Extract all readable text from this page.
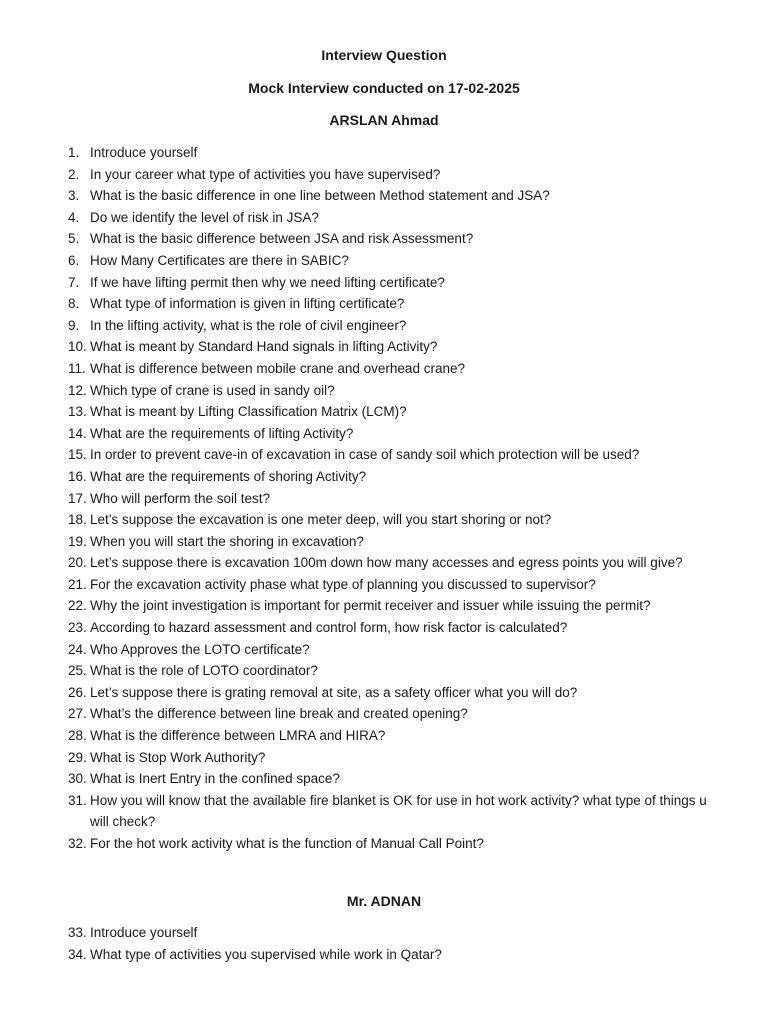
Interview Question
Mock Interview conducted on 17-02-2025
ARSLAN Ahmad
1. Introduce yourself
2. In your career what type of activities you have supervised?
3. What is the basic difference in one line between Method statement and JSA?
4. Do we identify the level of risk in JSA?
5. What is the basic difference between JSA and risk Assessment?
6. How Many Certificates are there in SABIC?
7. If we have lifting permit then why we need lifting certificate?
8. What type of information is given in lifting certificate?
9. In the lifting activity, what is the role of civil engineer?
10. What is meant by Standard Hand signals in lifting Activity?
11. What is difference between mobile crane and overhead crane?
12. Which type of crane is used in sandy oil?
13. What is meant by Lifting Classification Matrix (LCM)?
14. What are the requirements of lifting Activity?
15. In order to prevent cave-in of excavation in case of sandy soil which protection will be used?
16. What are the requirements of shoring Activity?
17. Who will perform the soil test?
18. Let’s suppose the excavation is one meter deep, will you start shoring or not?
19. When you will start the shoring in excavation?
20. Let’s suppose there is excavation 100m down how many accesses and egress points you will give?
21. For the excavation activity phase what type of planning you discussed to supervisor?
22. Why the joint investigation is important for permit receiver and issuer while issuing the permit?
23. According to hazard assessment and control form, how risk factor is calculated?
24. Who Approves the LOTO certificate?
25. What is the role of LOTO coordinator?
26. Let’s suppose there is grating removal at site, as a safety officer what you will do?
27. What’s the difference between line break and created opening?
28. What is the difference between LMRA and HIRA?
29. What is Stop Work Authority?
30. What is Inert Entry in the confined space?
31. How you will know that the available fire blanket is OK for use in hot work activity? what type of things u will check?
32. For the hot work activity what is the function of Manual Call Point?
Mr. ADNAN
33. Introduce yourself
34. What type of activities you supervised while work in Qatar?
